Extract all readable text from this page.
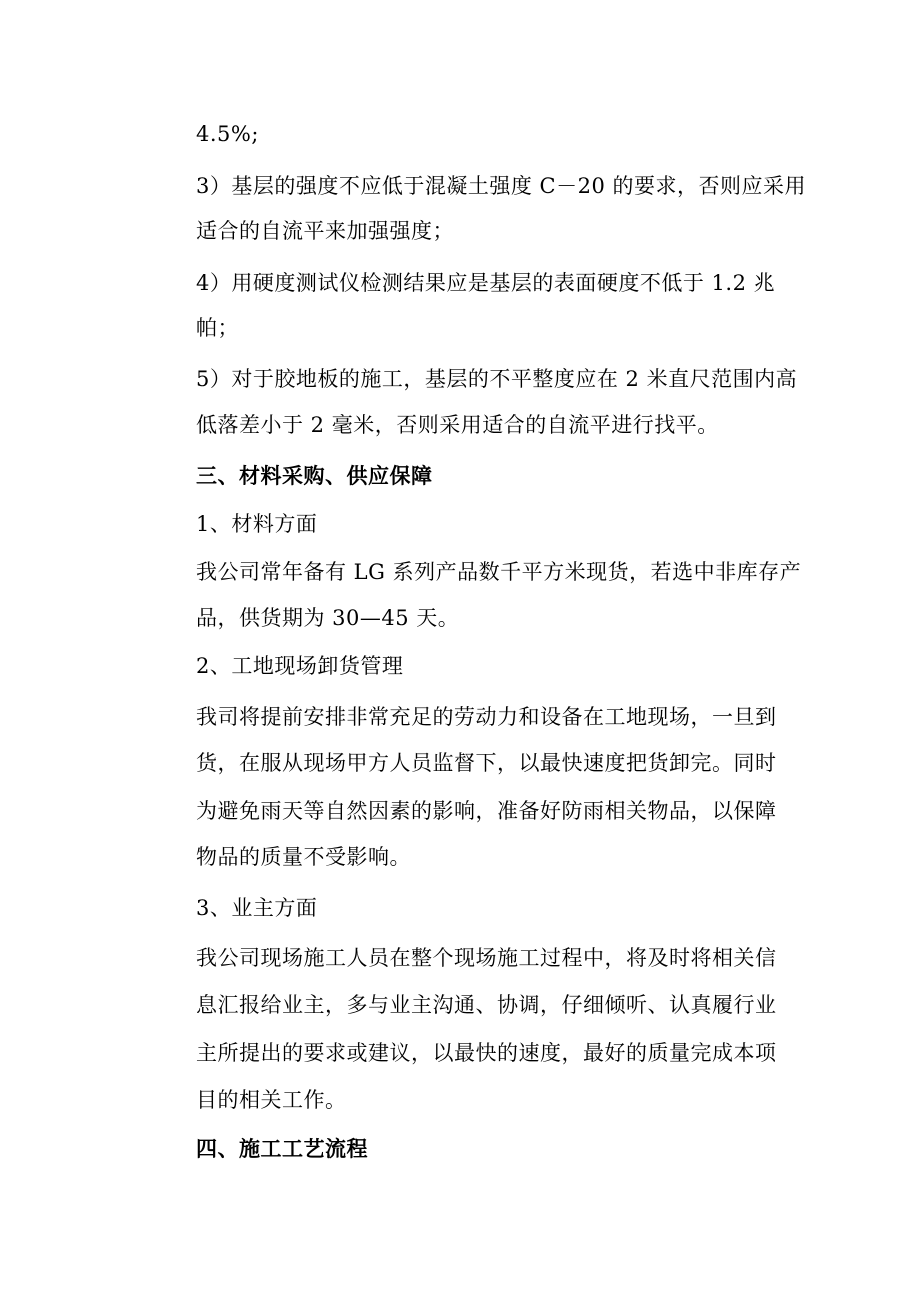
4.5%;
3）基层的强度不应低于混凝土强度 C－20 的要求，否则应采用
适合的自流平来加强强度；
4）用硬度测试仪检测结果应是基层的表面硬度不低于 1.2 兆
帕；
5）对于胶地板的施工，基层的不平整度应在 2 米直尺范围内高
低落差小于 2 毫米，否则采用适合的自流平进行找平。
三、材料采购、供应保障
1、材料方面
我公司常年备有 LG 系列产品数千平方米现货，若选中非库存产
品，供货期为 30—45 天。
2、工地现场卸货管理
我司将提前安排非常充足的劳动力和设备在工地现场，一旦到
货，在服从现场甲方人员监督下，以最快速度把货卸完。同时
为避免雨天等自然因素的影响，准备好防雨相关物品，以保障
物品的质量不受影响。
3、业主方面
我公司现场施工人员在整个现场施工过程中，将及时将相关信
息汇报给业主，多与业主沟通、协调，仔细倾听、认真履行业
主所提出的要求或建议，以最快的速度，最好的质量完成本项
目的相关工作。
四、施工工艺流程
